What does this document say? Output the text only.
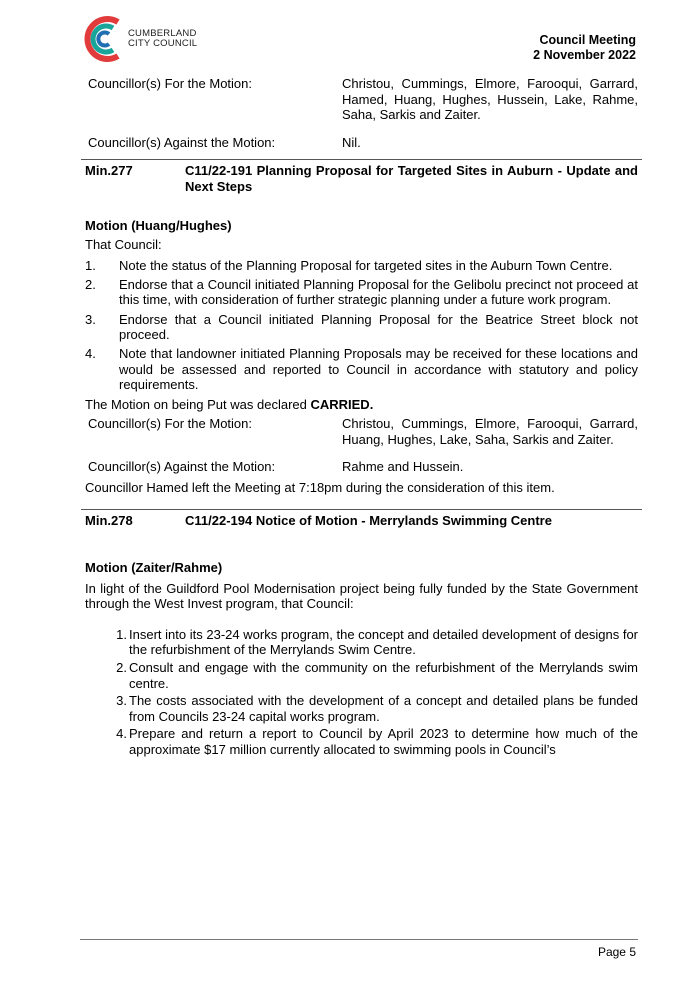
CUMBERLAND
CITY COUNCIL	Council Meeting
2 November 2022
Councillor(s) For the Motion:	Christou, Cummings, Elmore, Farooqui, Garrard, Hamed, Huang, Hughes, Hussein, Lake, Rahme, Saha, Sarkis and Zaiter.
Councillor(s) Against the Motion:	Nil.
Min.277	C11/22-191 Planning Proposal for Targeted Sites in Auburn - Update and Next Steps
Motion (Huang/Hughes)

That Council:

1.	Note the status of the Planning Proposal for targeted sites in the Auburn Town Centre.
2.	Endorse that a Council initiated Planning Proposal for the Gelibolu precinct not proceed at this time, with consideration of further strategic planning under a future work program.
3.	Endorse that a Council initiated Planning Proposal for the Beatrice Street block not proceed.
4.	Note that landowner initiated Planning Proposals may be received for these locations and would be assessed and reported to Council in accordance with statutory and policy requirements.

The Motion on being Put was declared CARRIED.

Councillor(s) For the Motion:	Christou, Cummings, Elmore, Farooqui, Garrard, Huang, Hughes, Lake, Saha, Sarkis and Zaiter.
Councillor(s) Against the Motion:	Rahme and Hussein.

Councillor Hamed left the Meeting at 7:18pm during the consideration of this item.

Min.278	C11/22-194 Notice of Motion - Merrylands Swimming Centre
Motion (Zaiter/Rahme)

In light of the Guildford Pool Modernisation project being fully funded by the State Government through the West Invest program, that Council:

1. Insert into its 23-24 works program, the concept and detailed development of designs for the refurbishment of the Merrylands Swim Centre.
2. Consult and engage with the community on the refurbishment of the Merrylands swim centre.
3. The costs associated with the development of a concept and detailed plans be funded from Councils 23-24 capital works program.
4. Prepare and return a report to Council by April 2023 to determine how much of the approximate $17 million currently allocated to swimming pools in Council’s
Page 5
